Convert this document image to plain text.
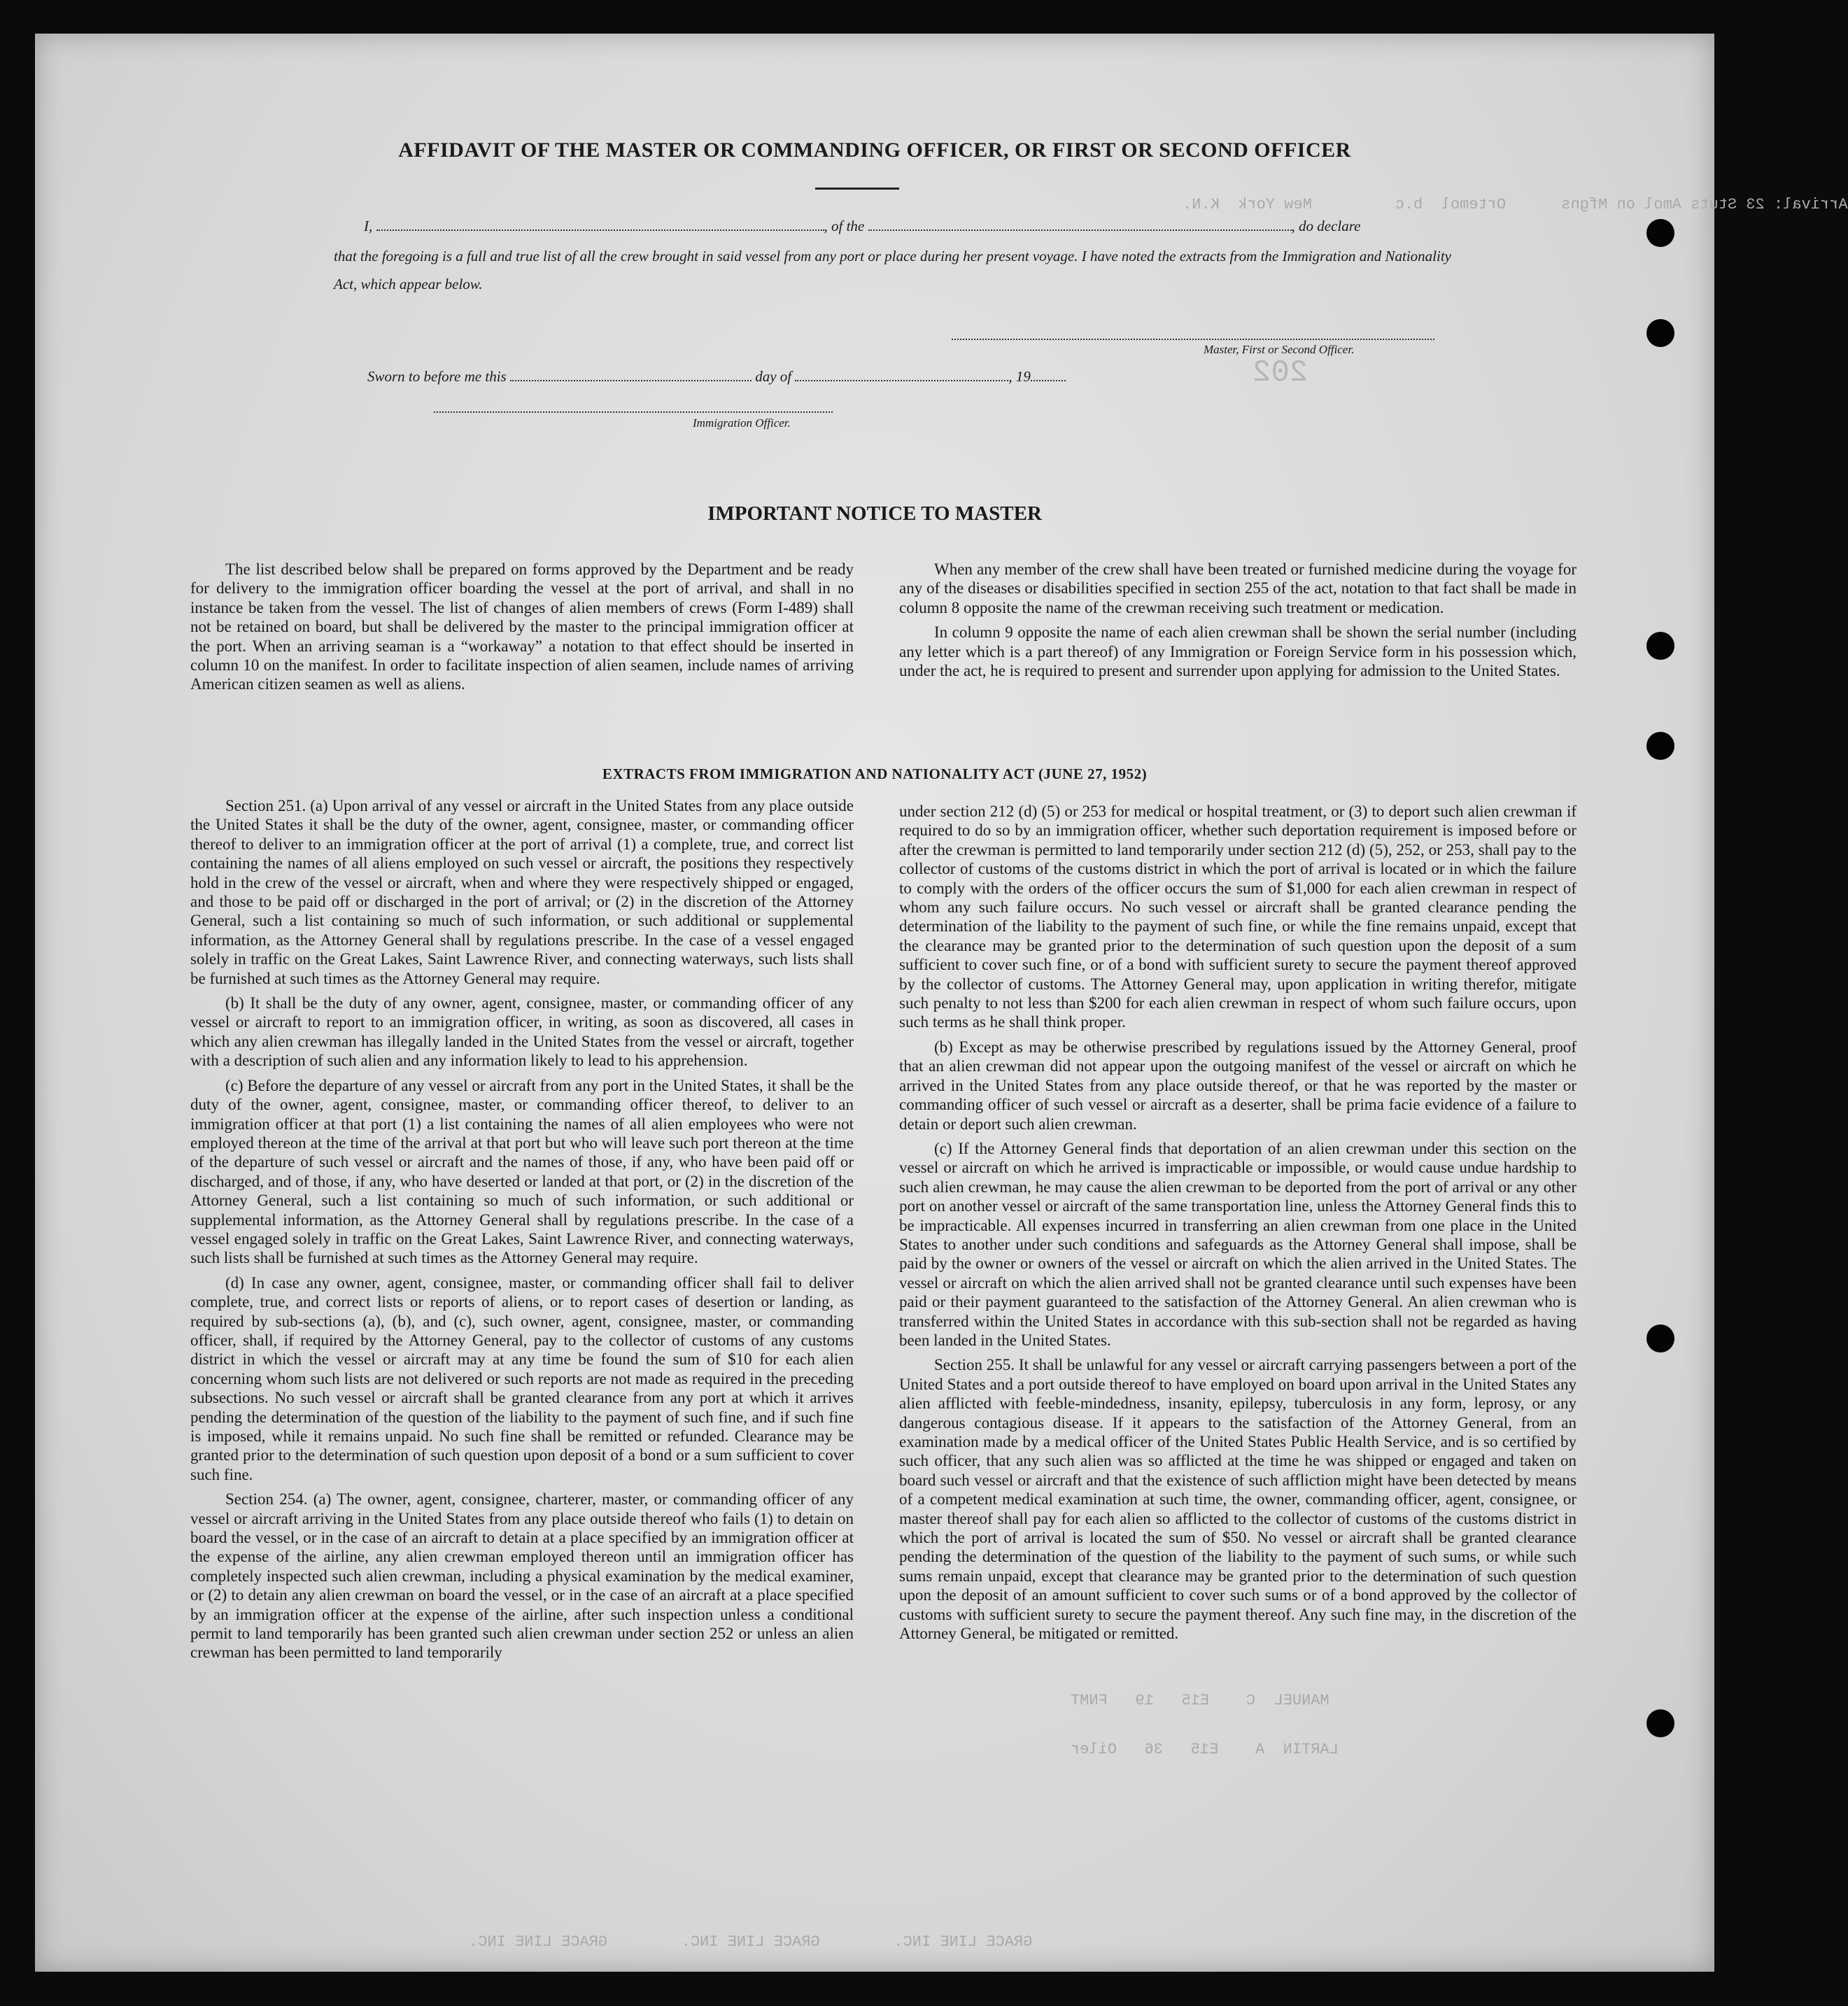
Arrival: 23 Stuts Amol on Mfgns      Ortemol  b.c         Mew York  K.N.
202
MANUEL  C    E15   19   FNMT
LARTIN  A    E15   36   Oiler
GRACE LINE INC.        GRACE LINE INC.        GRACE LINE INC.
AFFIDAVIT OF THE MASTER OR COMMANDING OFFICER, OR FIRST OR SECOND OFFICER
I,	, of the	, do declare
that the foregoing is a full and true list of all the crew brought in said vessel from any port or place during her present voyage. I have noted the extracts from the Immigration and Nationality Act, which appear below.
Master, First or Second Officer.
Sworn to before me this	day of	, 19
Immigration Officer.
IMPORTANT NOTICE TO MASTER

The list described below shall be prepared on forms approved by the Department and be ready for delivery to the immigration officer boarding the vessel at the port of arrival, and shall in no instance be taken from the vessel. The list of changes of alien members of crews (Form I-489) shall not be retained on board, but shall be delivered by the master to the principal immigration officer at the port. When an arriving seaman is a “workaway” a notation to that effect should be inserted in column 10 on the manifest. In order to facilitate inspection of alien seamen, include names of arriving American citizen seamen as well as aliens.

When any member of the crew shall have been treated or furnished medicine during the voyage for any of the diseases or disabilities specified in section 255 of the act, notation to that fact shall be made in column 8 opposite the name of the crewman receiving such treatment or medication.

In column 9 opposite the name of each alien crewman shall be shown the serial number (including any letter which is a part thereof) of any Immigration or Foreign Service form in his possession which, under the act, he is required to present and surrender upon applying for admission to the United States.

EXTRACTS FROM IMMIGRATION AND NATIONALITY ACT (JUNE 27, 1952)

Section 251. (a) Upon arrival of any vessel or aircraft in the United States from any place outside the United States it shall be the duty of the owner, agent, consignee, master, or commanding officer thereof to deliver to an immigration officer at the port of arrival (1) a complete, true, and correct list containing the names of all aliens employed on such vessel or aircraft, the positions they respectively hold in the crew of the vessel or aircraft, when and where they were respectively shipped or engaged, and those to be paid off or discharged in the port of arrival; or (2) in the discretion of the Attorney General, such a list containing so much of such information, or such additional or supplemental information, as the Attorney General shall by regulations prescribe. In the case of a vessel engaged solely in traffic on the Great Lakes, Saint Lawrence River, and connecting waterways, such lists shall be furnished at such times as the Attorney General may require.

(b) It shall be the duty of any owner, agent, consignee, master, or commanding officer of any vessel or aircraft to report to an immigration officer, in writing, as soon as discovered, all cases in which any alien crewman has illegally landed in the United States from the vessel or aircraft, together with a description of such alien and any information likely to lead to his apprehension.

(c) Before the departure of any vessel or aircraft from any port in the United States, it shall be the duty of the owner, agent, consignee, master, or commanding officer thereof, to deliver to an immigration officer at that port (1) a list containing the names of all alien employees who were not employed thereon at the time of the arrival at that port but who will leave such port thereon at the time of the departure of such vessel or aircraft and the names of those, if any, who have been paid off or discharged, and of those, if any, who have deserted or landed at that port, or (2) in the discretion of the Attorney General, such a list containing so much of such information, or such additional or supplemental information, as the Attorney General shall by regulations prescribe. In the case of a vessel engaged solely in traffic on the Great Lakes, Saint Lawrence River, and connecting waterways, such lists shall be furnished at such times as the Attorney General may require.

(d) In case any owner, agent, consignee, master, or commanding officer shall fail to deliver complete, true, and correct lists or reports of aliens, or to report cases of desertion or landing, as required by sub-sections (a), (b), and (c), such owner, agent, consignee, master, or commanding officer, shall, if required by the Attorney General, pay to the collector of customs of any customs district in which the vessel or aircraft may at any time be found the sum of $10 for each alien concerning whom such lists are not delivered or such reports are not made as required in the preceding subsections. No such vessel or aircraft shall be granted clearance from any port at which it arrives pending the determination of the question of the liability to the payment of such fine, and if such fine is imposed, while it remains unpaid. No such fine shall be remitted or refunded. Clearance may be granted prior to the determination of such question upon deposit of a bond or a sum sufficient to cover such fine.

Section 254. (a) The owner, agent, consignee, charterer, master, or commanding officer of any vessel or aircraft arriving in the United States from any place outside thereof who fails (1) to detain on board the vessel, or in the case of an aircraft to detain at a place specified by an immigration officer at the expense of the airline, any alien crewman employed thereon until an immigration officer has completely inspected such alien crewman, including a physical examination by the medical examiner, or (2) to detain any alien crewman on board the vessel, or in the case of an aircraft at a place specified by an immigration officer at the expense of the airline, after such inspection unless a conditional permit to land temporarily has been granted such alien crewman under section 252 or unless an alien crewman has been permitted to land temporarily

under section 212 (d) (5) or 253 for medical or hospital treatment, or (3) to deport such alien crewman if required to do so by an immigration officer, whether such deportation requirement is imposed before or after the crewman is permitted to land temporarily under section 212 (d) (5), 252, or 253, shall pay to the collector of customs of the customs district in which the port of arrival is located or in which the failure to comply with the orders of the officer occurs the sum of $1,000 for each alien crewman in respect of whom any such failure occurs. No such vessel or aircraft shall be granted clearance pending the determination of the liability to the payment of such fine, or while the fine remains unpaid, except that the clearance may be granted prior to the determination of such question upon the deposit of a sum sufficient to cover such fine, or of a bond with sufficient surety to secure the payment thereof approved by the collector of customs. The Attorney General may, upon application in writing therefor, mitigate such penalty to not less than $200 for each alien crewman in respect of whom such failure occurs, upon such terms as he shall think proper.

(b) Except as may be otherwise prescribed by regulations issued by the Attorney General, proof that an alien crewman did not appear upon the outgoing manifest of the vessel or aircraft on which he arrived in the United States from any place outside thereof, or that he was reported by the master or commanding officer of such vessel or aircraft as a deserter, shall be prima facie evidence of a failure to detain or deport such alien crewman.

(c) If the Attorney General finds that deportation of an alien crewman under this section on the vessel or aircraft on which he arrived is impracticable or impossible, or would cause undue hardship to such alien crewman, he may cause the alien crewman to be deported from the port of arrival or any other port on another vessel or aircraft of the same transportation line, unless the Attorney General finds this to be impracticable. All expenses incurred in transferring an alien crewman from one place in the United States to another under such conditions and safeguards as the Attorney General shall impose, shall be paid by the owner or owners of the vessel or aircraft on which the alien arrived in the United States. The vessel or aircraft on which the alien arrived shall not be granted clearance until such expenses have been paid or their payment guaranteed to the satisfaction of the Attorney General. An alien crewman who is transferred within the United States in accordance with this sub-section shall not be regarded as having been landed in the United States.

Section 255. It shall be unlawful for any vessel or aircraft carrying passengers between a port of the United States and a port outside thereof to have employed on board upon arrival in the United States any alien afflicted with feeble-mindedness, insanity, epilepsy, tuberculosis in any form, leprosy, or any dangerous contagious disease. If it appears to the satisfaction of the Attorney General, from an examination made by a medical officer of the United States Public Health Service, and is so certified by such officer, that any such alien was so afflicted at the time he was shipped or engaged and taken on board such vessel or aircraft and that the existence of such affliction might have been detected by means of a competent medical examination at such time, the owner, commanding officer, agent, consignee, or master thereof shall pay for each alien so afflicted to the collector of customs of the customs district in which the port of arrival is located the sum of $50. No vessel or aircraft shall be granted clearance pending the determination of the question of the liability to the payment of such sums, or while such sums remain unpaid, except that clearance may be granted prior to the determination of such question upon the deposit of an amount sufficient to cover such sums or of a bond approved by the collector of customs with sufficient surety to secure the payment thereof. Any such fine may, in the discretion of the Attorney General, be mitigated or remitted.
